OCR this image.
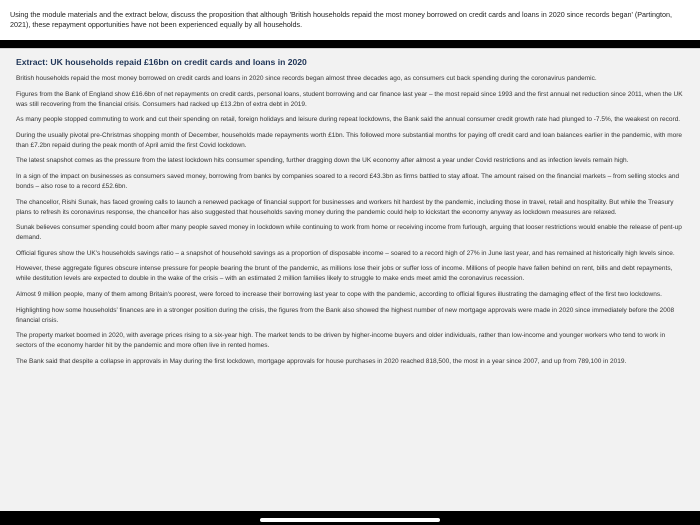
Using the module materials and the extract below, discuss the proposition that although 'British households repaid the most money borrowed on credit cards and loans in 2020 since records began' (Partington, 2021), these repayment opportunities have not been experienced equally by all households.
Extract: UK households repaid £16bn on credit cards and loans in 2020

British households repaid the most money borrowed on credit cards and loans in 2020 since records began almost three decades ago, as consumers cut back spending during the coronavirus pandemic.

Figures from the Bank of England show £16.6bn of net repayments on credit cards, personal loans, student borrowing and car finance last year – the most repaid since 1993 and the first annual net reduction since 2011, when the UK was still recovering from the financial crisis. Consumers had racked up £13.2bn of extra debt in 2019.

As many people stopped commuting to work and cut their spending on retail, foreign holidays and leisure during repeat lockdowns, the Bank said the annual consumer credit growth rate had plunged to -7.5%, the weakest on record.

During the usually pivotal pre-Christmas shopping month of December, households made repayments worth £1bn. This followed more substantial months for paying off credit card and loan balances earlier in the pandemic, with more than £7.2bn repaid during the peak month of April amid the first Covid lockdown.

The latest snapshot comes as the pressure from the latest lockdown hits consumer spending, further dragging down the UK economy after almost a year under Covid restrictions and as infection levels remain high.

In a sign of the impact on businesses as consumers saved money, borrowing from banks by companies soared to a record £43.3bn as firms battled to stay afloat. The amount raised on the financial markets – from selling stocks and bonds – also rose to a record £52.6bn.

The chancellor, Rishi Sunak, has faced growing calls to launch a renewed package of financial support for businesses and workers hit hardest by the pandemic, including those in travel, retail and hospitality. But while the Treasury plans to refresh its coronavirus response, the chancellor has also suggested that households saving money during the pandemic could help to kickstart the economy anyway as lockdown measures are relaxed.

Sunak believes consumer spending could boom after many people saved money in lockdown while continuing to work from home or receiving income from furlough, arguing that looser restrictions would enable the release of pent-up demand.

Official figures show the UK's households savings ratio – a snapshot of household savings as a proportion of disposable income – soared to a record high of 27% in June last year, and has remained at historically high levels since.

However, these aggregate figures obscure intense pressure for people bearing the brunt of the pandemic, as millions lose their jobs or suffer loss of income. Millions of people have fallen behind on rent, bills and debt repayments, while destitution levels are expected to double in the wake of the crisis – with an estimated 2 million families likely to struggle to make ends meet amid the coronavirus recession.

Almost 9 million people, many of them among Britain's poorest, were forced to increase their borrowing last year to cope with the pandemic, according to official figures illustrating the damaging effect of the first two lockdowns.

Highlighting how some households' finances are in a stronger position during the crisis, the figures from the Bank also showed the highest number of new mortgage approvals were made in 2020 since immediately before the 2008 financial crisis.

The property market boomed in 2020, with average prices rising to a six-year high. The market tends to be driven by higher-income buyers and older individuals, rather than low-income and younger workers who tend to work in sectors of the economy harder hit by the pandemic and more often live in rented homes.

The Bank said that despite a collapse in approvals in May during the first lockdown, mortgage approvals for house purchases in 2020 reached 818,500, the most in a year since 2007, and up from 789,100 in 2019.
